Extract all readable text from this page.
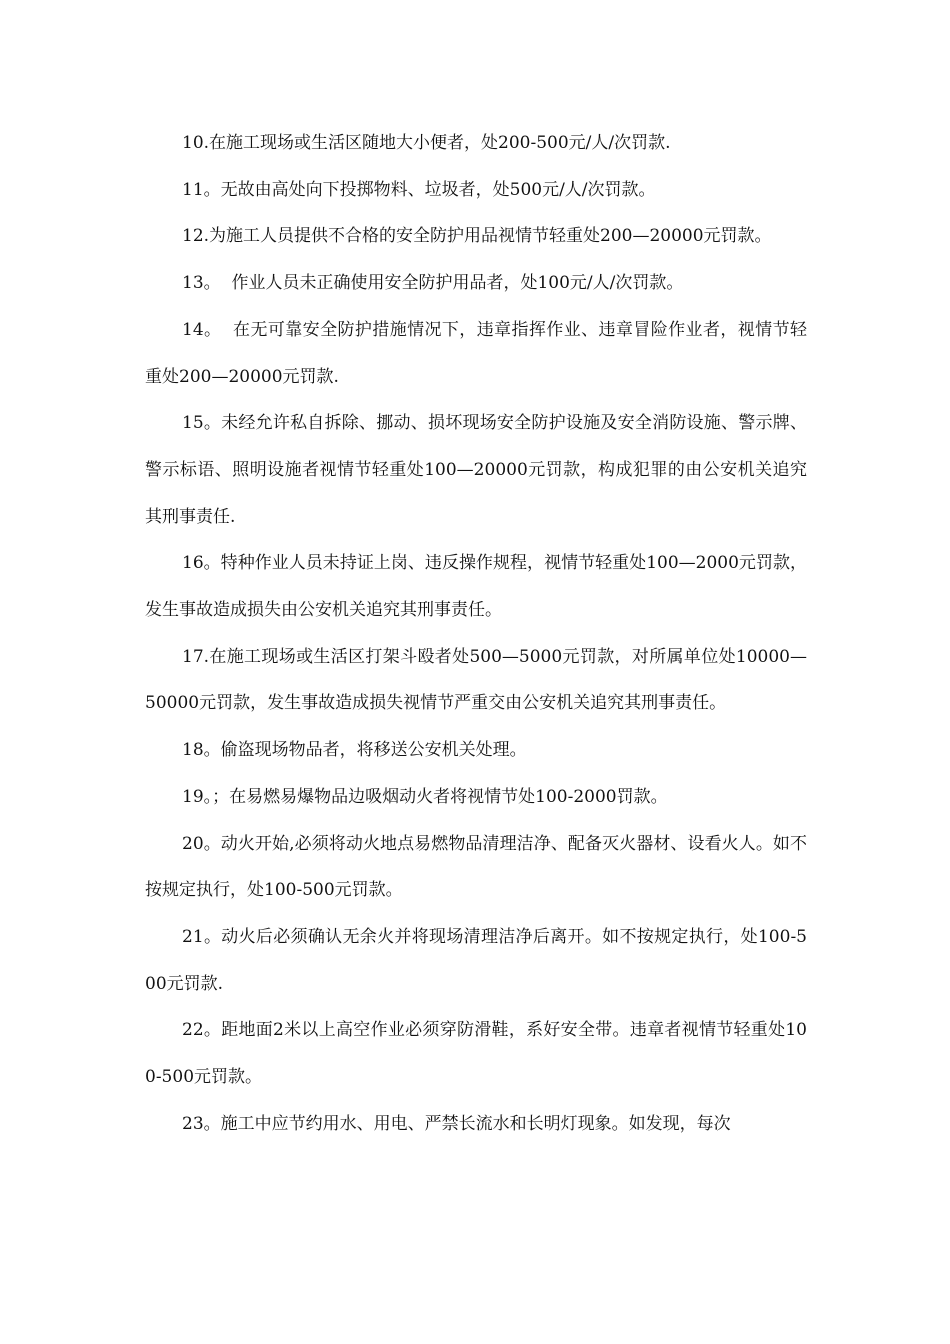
10.在施工现场或生活区随地大小便者，处200-500元/人/次罚款.

11。无故由高处向下投掷物料、垃圾者，处500元/人/次罚款。

12.为施工人员提供不合格的安全防护用品视情节轻重处200—20000元罚款。

13。  作业人员未正确使用安全防护用品者，处100元/人/次罚款。

14。  在无可靠安全防护措施情况下，违章指挥作业、违章冒险作业者，视情节轻重处200—20000元罚款.

15。未经允许私自拆除、挪动、损坏现场安全防护设施及安全消防设施、警示牌、警示标语、照明设施者视情节轻重处100—20000元罚款，构成犯罪的由公安机关追究其刑事责任.

16。特种作业人员未持证上岗、违反操作规程，视情节轻重处100—2000元罚款，发生事故造成损失由公安机关追究其刑事责任。

17.在施工现场或生活区打架斗殴者处500—5000元罚款，对所属单位处10000—50000元罚款，发生事故造成损失视情节严重交由公安机关追究其刑事责任。

18。偷盗现场物品者，将移送公安机关处理。

19。；在易燃易爆物品边吸烟动火者将视情节处100-2000罚款。

20。动火开始,必须将动火地点易燃物品清理洁净、配备灭火器材、设看火人。如不按规定执行，处100-500元罚款。

21。动火后必须确认无余火并将现场清理洁净后离开。如不按规定执行，处100-500元罚款.

22。距地面2米以上高空作业必须穿防滑鞋，系好安全带。违章者视情节轻重处100-500元罚款。

23。施工中应节约用水、用电、严禁长流水和长明灯现象。如发现，每次
